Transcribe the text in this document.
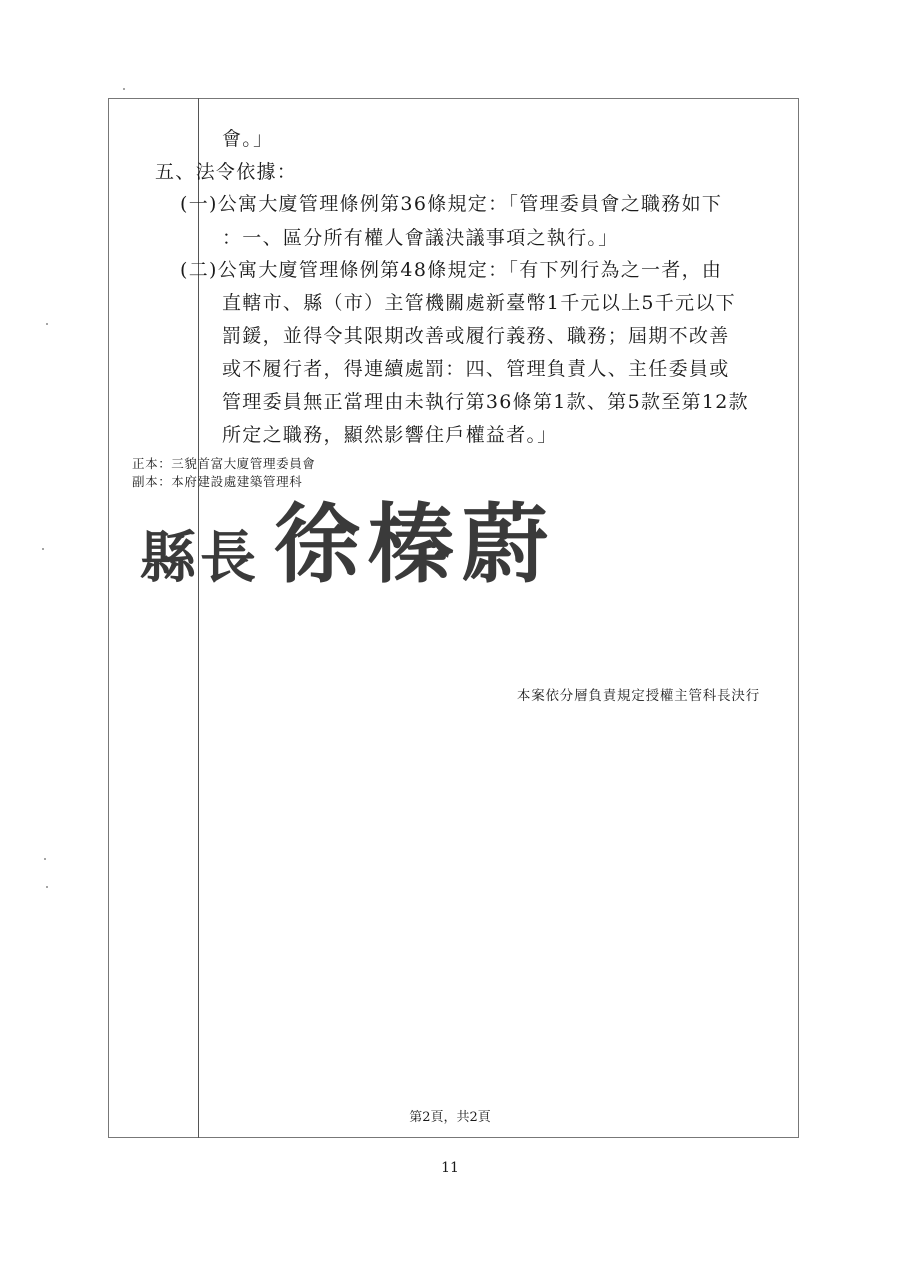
會。」
五、法令依據：
(一)公寓大廈管理條例第36條規定：「管理委員會之職務如下
：一、區分所有權人會議決議事項之執行。」
(二)公寓大廈管理條例第48條規定：「有下列行為之一者，由
直轄市、縣（市）主管機關處新臺幣1千元以上5千元以下
罰鍰，並得令其限期改善或履行義務、職務；屆期不改善
或不履行者，得連續處罰：四、管理負責人、主任委員或
管理委員無正當理由未執行第36條第1款、第5款至第12款
所定之職務，顯然影響住戶權益者。」
正本：三貌首富大廈管理委員會
副本：本府建設處建築管理科
縣長 徐榛蔚
本案依分層負責規定授權主管科長決行
第2頁，共2頁
11
